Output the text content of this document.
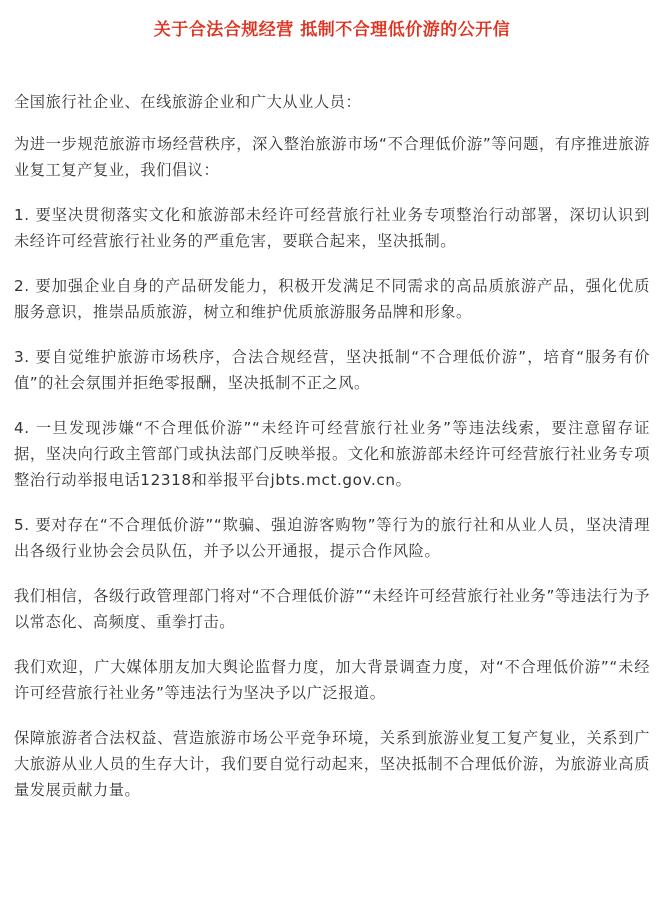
关于合法合规经营 抵制不合理低价游的公开信

全国旅行社企业、在线旅游企业和广大从业人员：

为进一步规范旅游市场经营秩序，深入整治旅游市场“不合理低价游”等问题，有序推进旅游业复工复产复业，我们倡议：

1. 要坚决贯彻落实文化和旅游部未经许可经营旅行社业务专项整治行动部署，深切认识到未经许可经营旅行社业务的严重危害，要联合起来，坚决抵制。

2. 要加强企业自身的产品研发能力，积极开发满足不同需求的高品质旅游产品，强化优质服务意识，推崇品质旅游，树立和维护优质旅游服务品牌和形象。

3. 要自觉维护旅游市场秩序，合法合规经营，坚决抵制“不合理低价游”，培育“服务有价值”的社会氛围并拒绝零报酬，坚决抵制不正之风。

4. 一旦发现涉嫌“不合理低价游”“未经许可经营旅行社业务”等违法线索，要注意留存证据，坚决向行政主管部门或执法部门反映举报。文化和旅游部未经许可经营旅行社业务专项整治行动举报电话12318和举报平台jbts.mct.gov.cn。

5. 要对存在“不合理低价游”“欺骗、强迫游客购物”等行为的旅行社和从业人员，坚决清理出各级行业协会会员队伍，并予以公开通报，提示合作风险。

我们相信，各级行政管理部门将对“不合理低价游”“未经许可经营旅行社业务”等违法行为予以常态化、高频度、重拳打击。

我们欢迎，广大媒体朋友加大舆论监督力度，加大背景调查力度，对“不合理低价游”“未经许可经营旅行社业务”等违法行为坚决予以广泛报道。

保障旅游者合法权益、营造旅游市场公平竞争环境，关系到旅游业复工复产复业，关系到广大旅游从业人员的生存大计，我们要自觉行动起来，坚决抵制不合理低价游，为旅游业高质量发展贡献力量。
